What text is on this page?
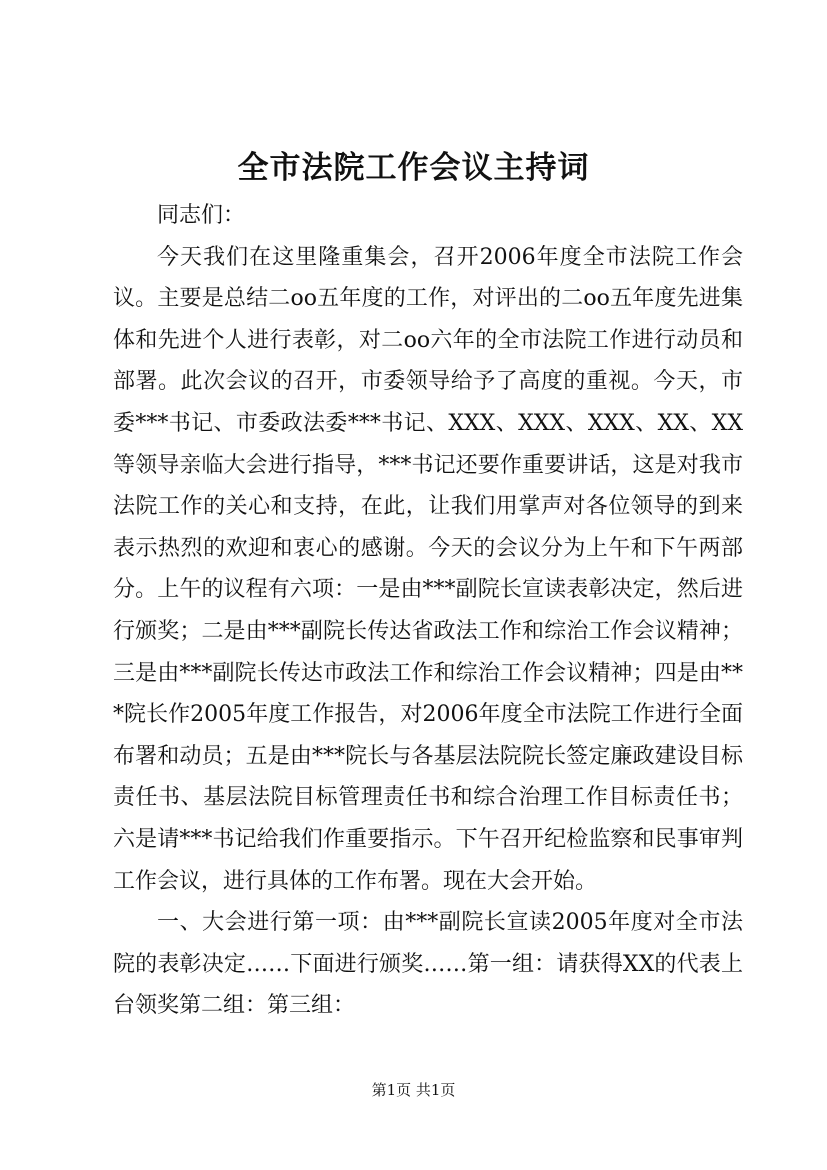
全市法院工作会议主持词

同志们：

今天我们在这里隆重集会，召开2006年度全市法院工作会议。主要是总结二oo五年度的工作，对评出的二oo五年度先进集体和先进个人进行表彰，对二oo六年的全市法院工作进行动员和部署。此次会议的召开，市委领导给予了高度的重视。今天，市委***书记、市委政法委***书记、XXX、XXX、XXX、XX、XX等领导亲临大会进行指导，***书记还要作重要讲话，这是对我市法院工作的关心和支持，在此，让我们用掌声对各位领导的到来表示热烈的欢迎和衷心的感谢。今天的会议分为上午和下午两部分。上午的议程有六项：一是由***副院长宣读表彰决定，然后进行颁奖；二是由***副院长传达省政法工作和综治工作会议精神；三是由***副院长传达市政法工作和综治工作会议精神；四是由***院长作2005年度工作报告，对2006年度全市法院工作进行全面布署和动员；五是由***院长与各基层法院院长签定廉政建设目标责任书、基层法院目标管理责任书和综合治理工作目标责任书；六是请***书记给我们作重要指示。下午召开纪检监察和民事审判工作会议，进行具体的工作布署。现在大会开始。

一、大会进行第一项：由***副院长宣读2005年度对全市法院的表彰决定……下面进行颁奖……第一组：请获得XX的代表上台领奖第二组：第三组：

第1页 共1页
